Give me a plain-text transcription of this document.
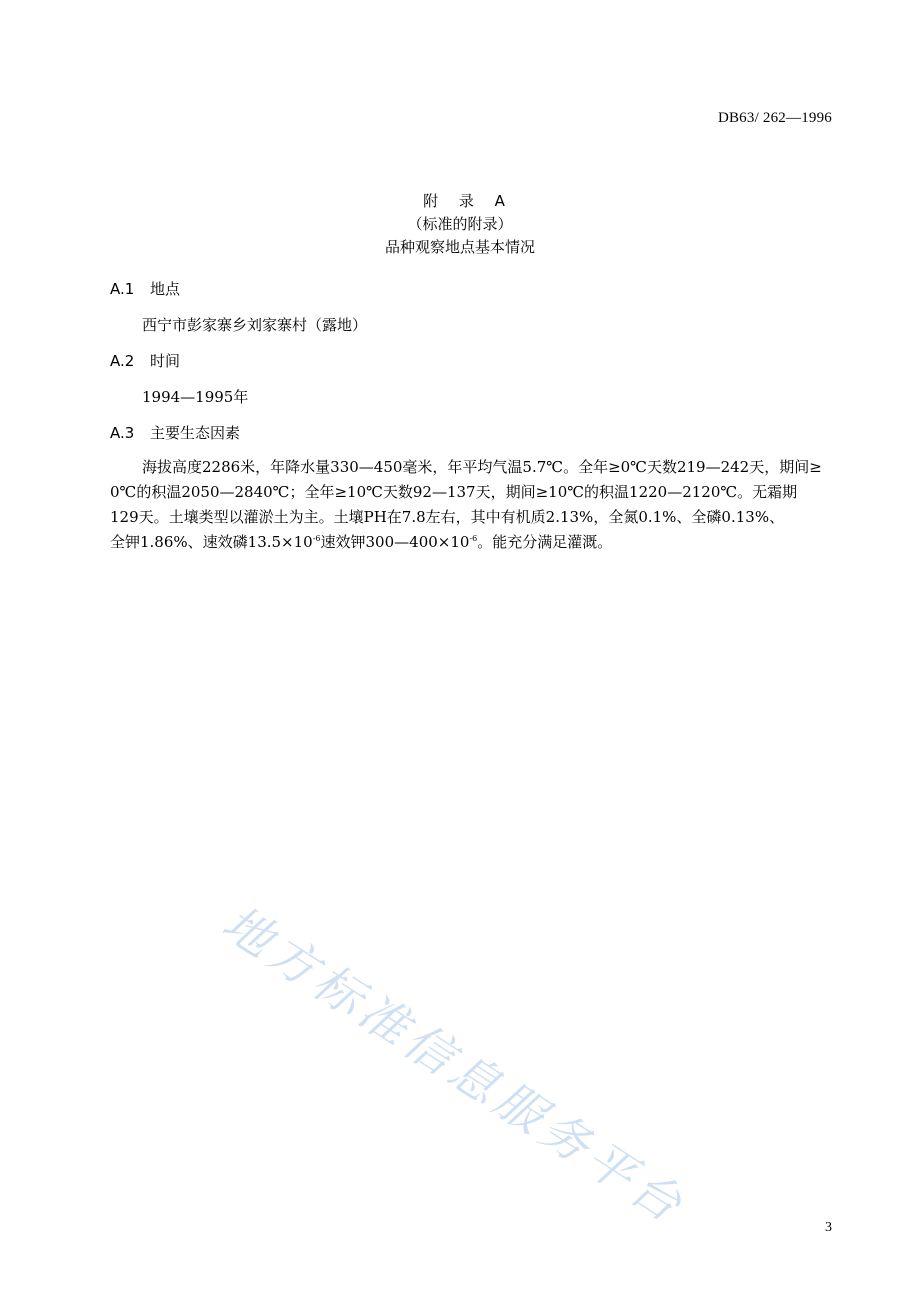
DB63/ 262—1996
附 录 A
（标准的附录）
品种观察地点基本情况
A.1 地点
西宁市彭家寨乡刘家寨村（露地）
A.2 时间
1994—1995年
A.3 主要生态因素
海拔高度2286米，年降水量330—450毫米，年平均气温5.7℃。全年≥0℃天数219—242天，期间≥
0℃的积温2050—2840℃；全年≥10℃天数92—137天，期间≥10℃的积温1220—2120℃。无霜期
129天。土壤类型以灌淤土为主。土壤PH在7.8左右，其中有机质2.13%，全氮0.1%、全磷0.13%、
全钾1.86%、速效磷$13.5\times 10^{-6}$速效钾$300—400\times 10^{-6}$。能充分满足灌溉。
地方标准信息服务平台	3
